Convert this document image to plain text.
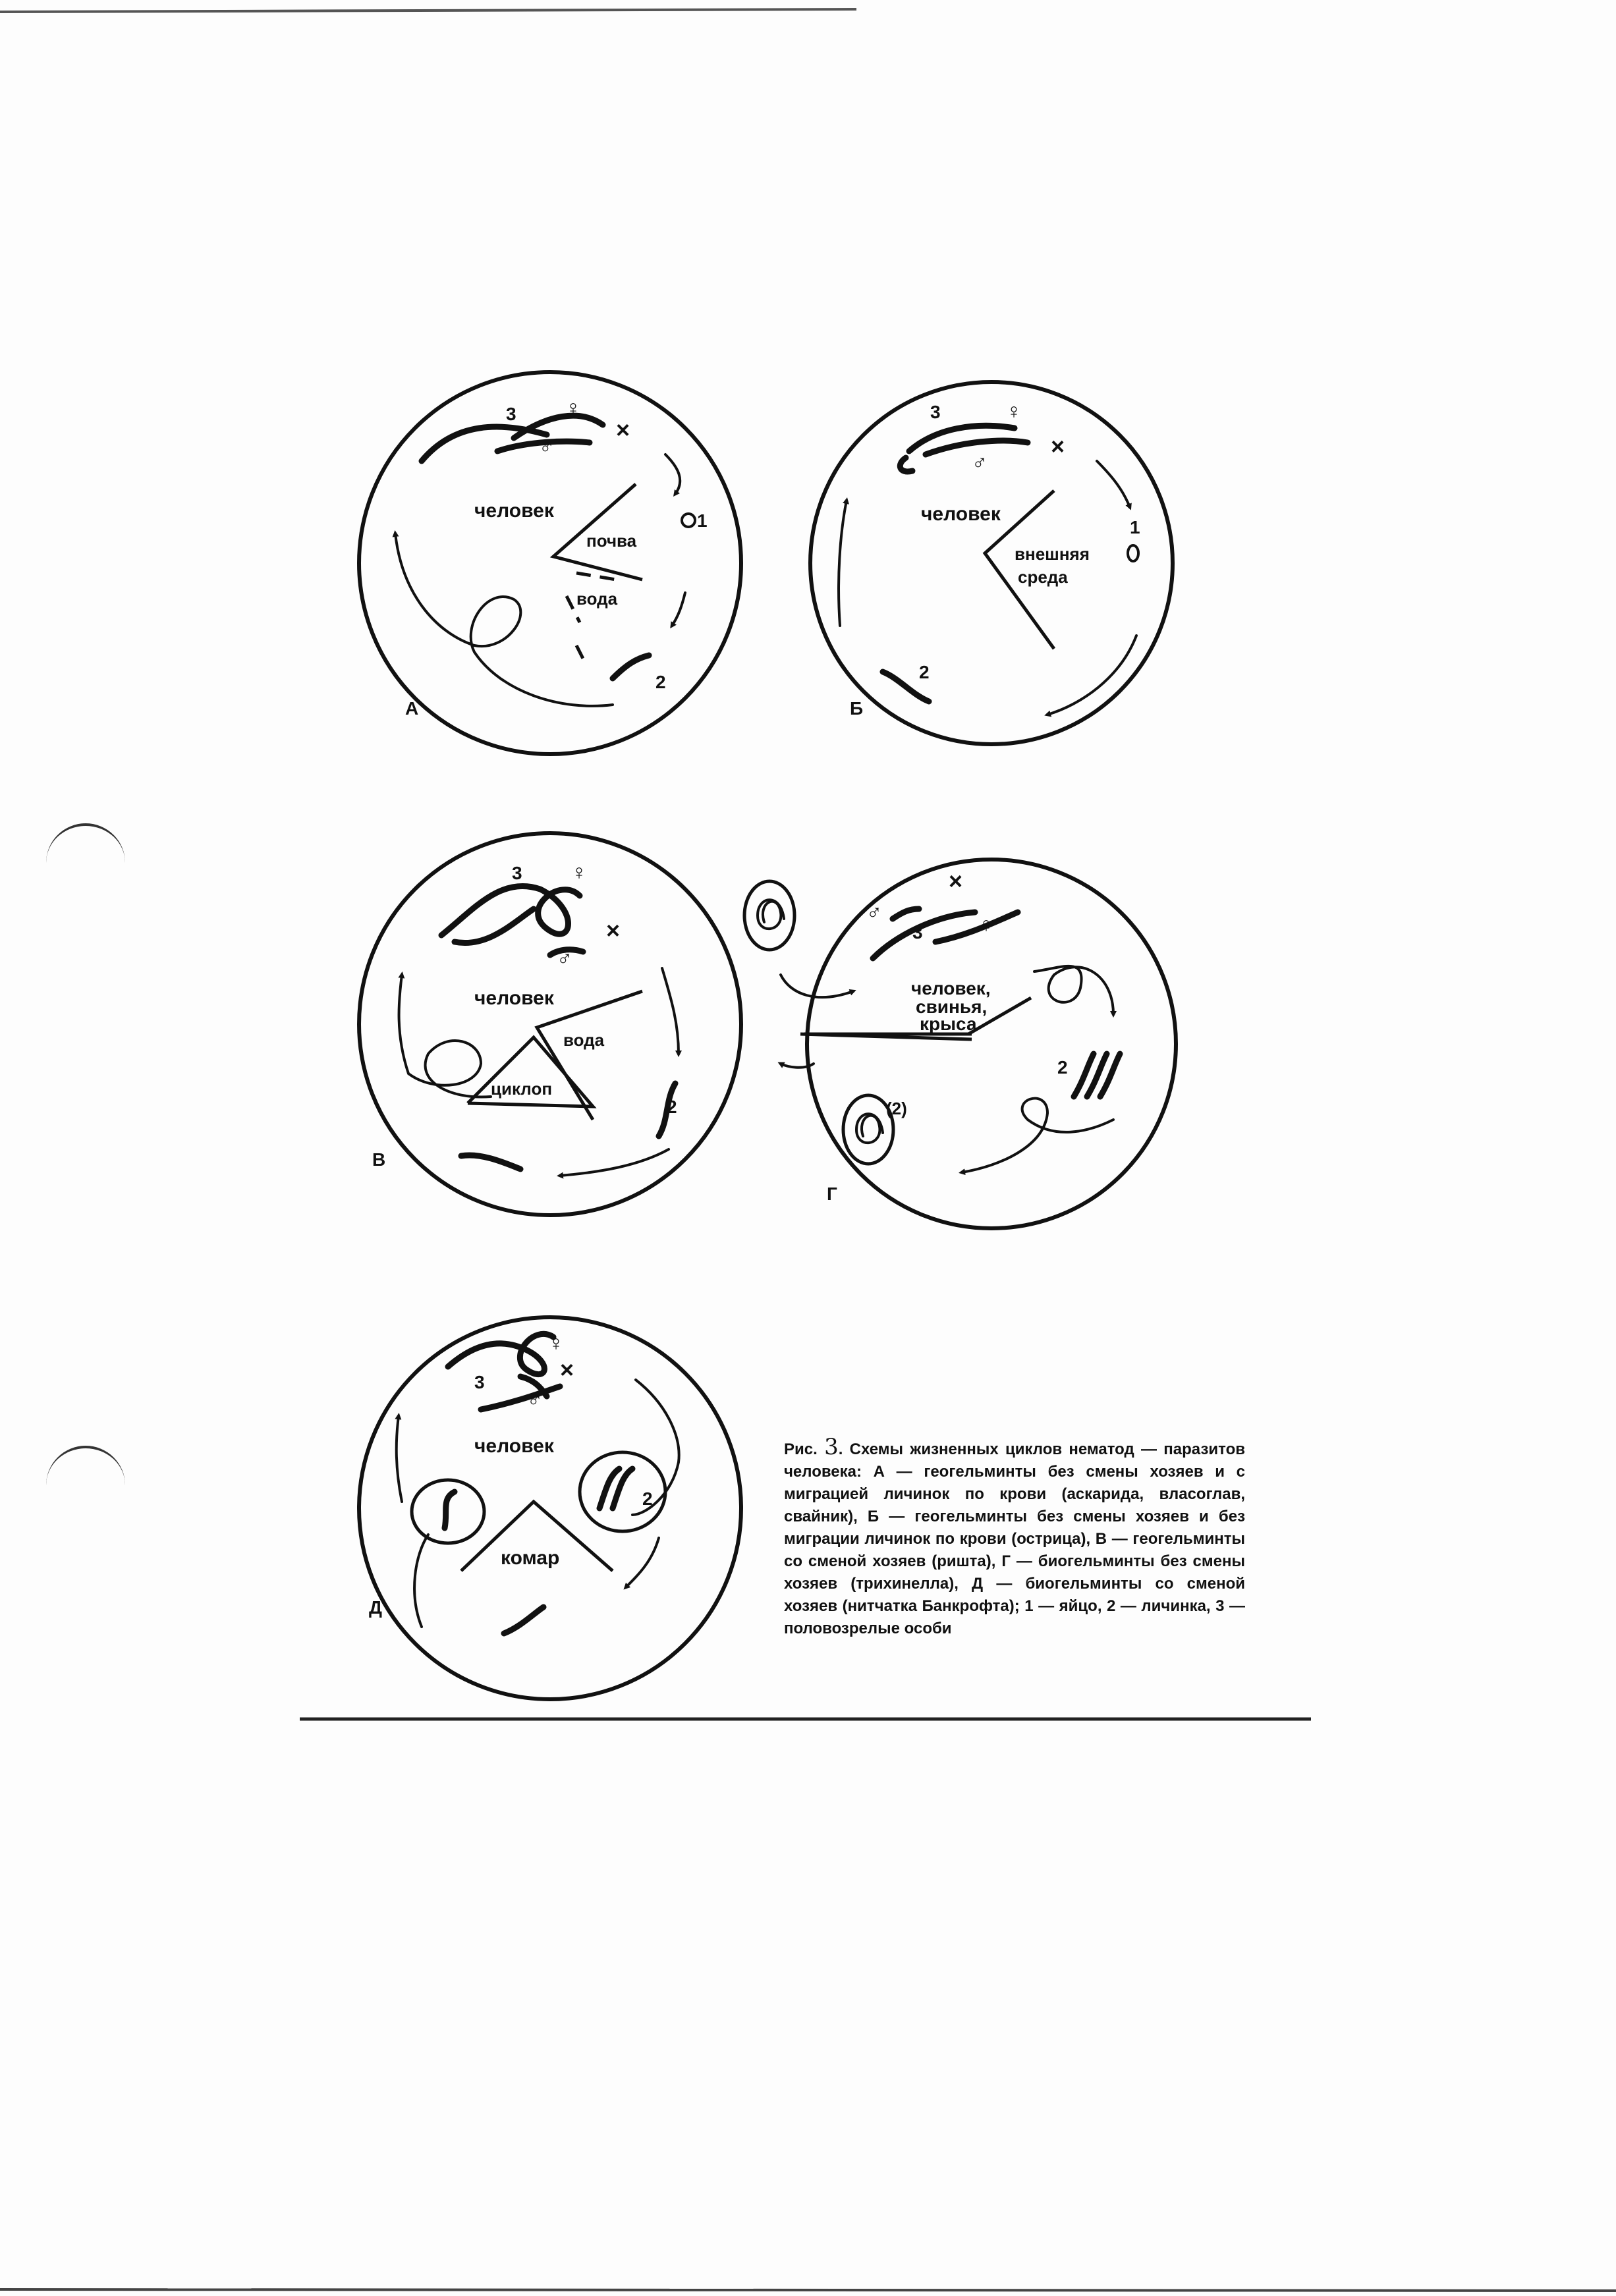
человек
почва
вода
1
2
3 ♀
♂
×
А
человек
внешняя
среда
1
2
3	♀
♂
×
Б
человек
вода
циклоп
2
3 ♀
♂
×
В
человек,
свинья,
крыса
2
(2)
3	♀
♂
×
Г
человек
комар
2
3
♀
♂
×
Д
Рис. 3. Схемы жизненных циклов нематод — паразитов человека: А — геогельминты без смены хозяев и с миграцией личинок по крови (аскарида, власоглав, свайник), Б — геогельминты без смены хозяев и без миграции личинок по крови (острица), В — геогельминты со сменой хозяев (ришта), Г — биогельминты без смены хозяев (трихинелла), Д — биогельминты со сменой хозяев (нитчатка Банкрофта); 1 — яйцо, 2 — личинка, 3 — половозрелые особи
